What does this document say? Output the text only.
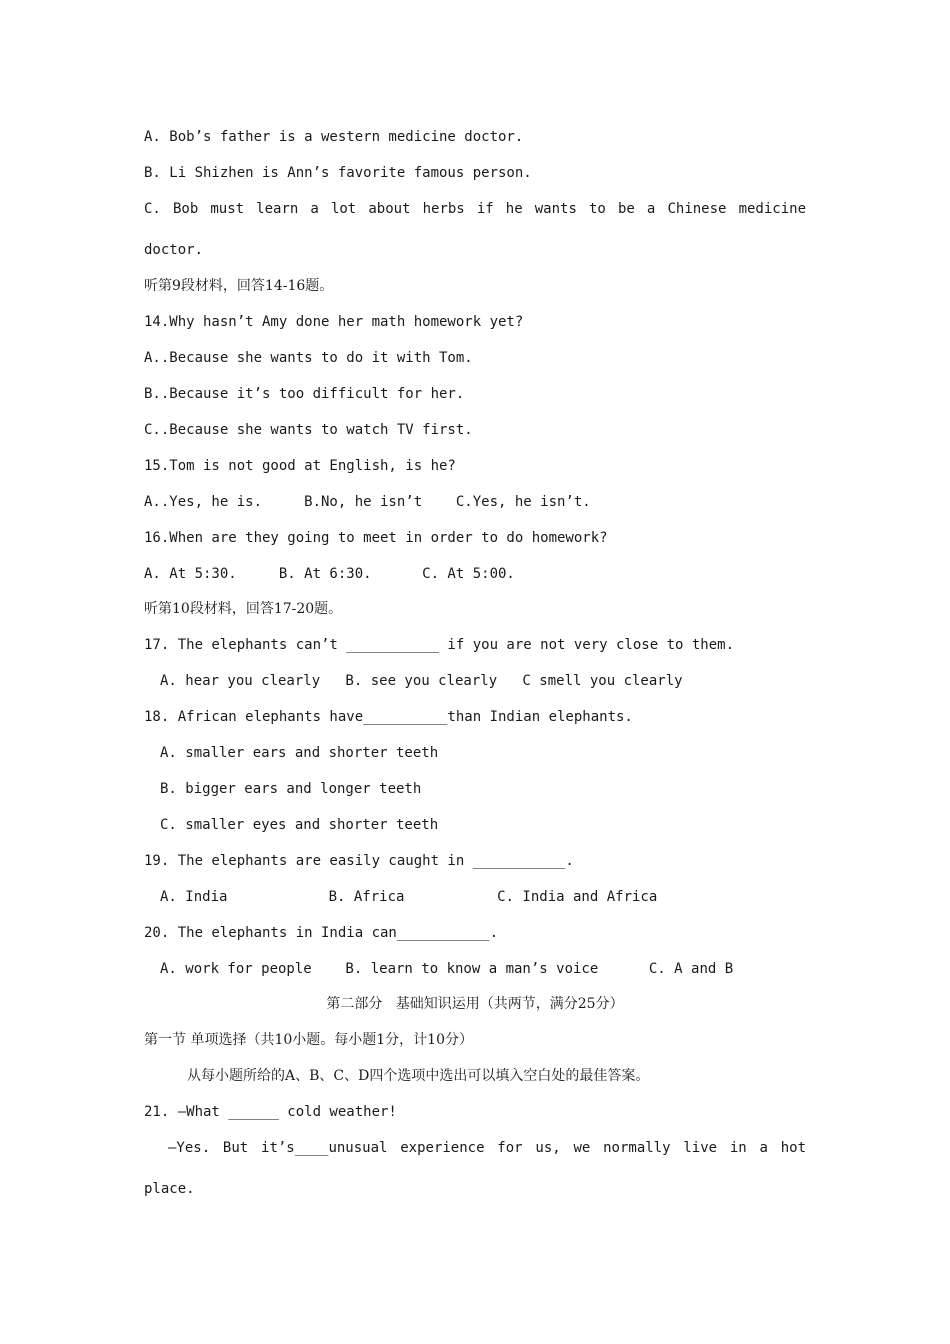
A. Bob’s father is a western medicine doctor.
B. Li Shizhen is Ann’s favorite famous person.
C. Bob must learn a lot about herbs if he wants to be a Chinese medicine
doctor.
听第9段材料，回答14-16题。
14.Why hasn’t Amy done her math homework yet?
A..Because she wants to do it with Tom.
B..Because it’s too difficult for her.
C..Because she wants to watch TV first.
15.Tom is not good at English, is he?
A..Yes, he is.     B.No, he isn’t    C.Yes, he isn’t.
16.When are they going to meet in order to do homework?
A. At 5:30.     B. At 6:30.      C. At 5:00.
听第10段材料，回答17-20题。
17. The elephants can’t ___________ if you are not very close to them.
A. hear you clearly   B. see you clearly   C smell you clearly
18. African elephants have__________than Indian elephants.
A. smaller ears and shorter teeth
B. bigger ears and longer teeth
C. smaller eyes and shorter teeth
19. The elephants are easily caught in ___________.
A. India            B. Africa           C. India and Africa
20. The elephants in India can___________.
A. work for people    B. learn to know a man’s voice      C. A and B
第二部分   基础知识运用（共两节，满分25分）
第一节 单项选择（共10小题。每小题1分，计10分）
从每小题所给的A、B、C、D四个选项中选出可以填入空白处的最佳答案。
21. —What ______ cold weather!
—Yes. But it’s____unusual experience for us, we normally live in a hot
place.
